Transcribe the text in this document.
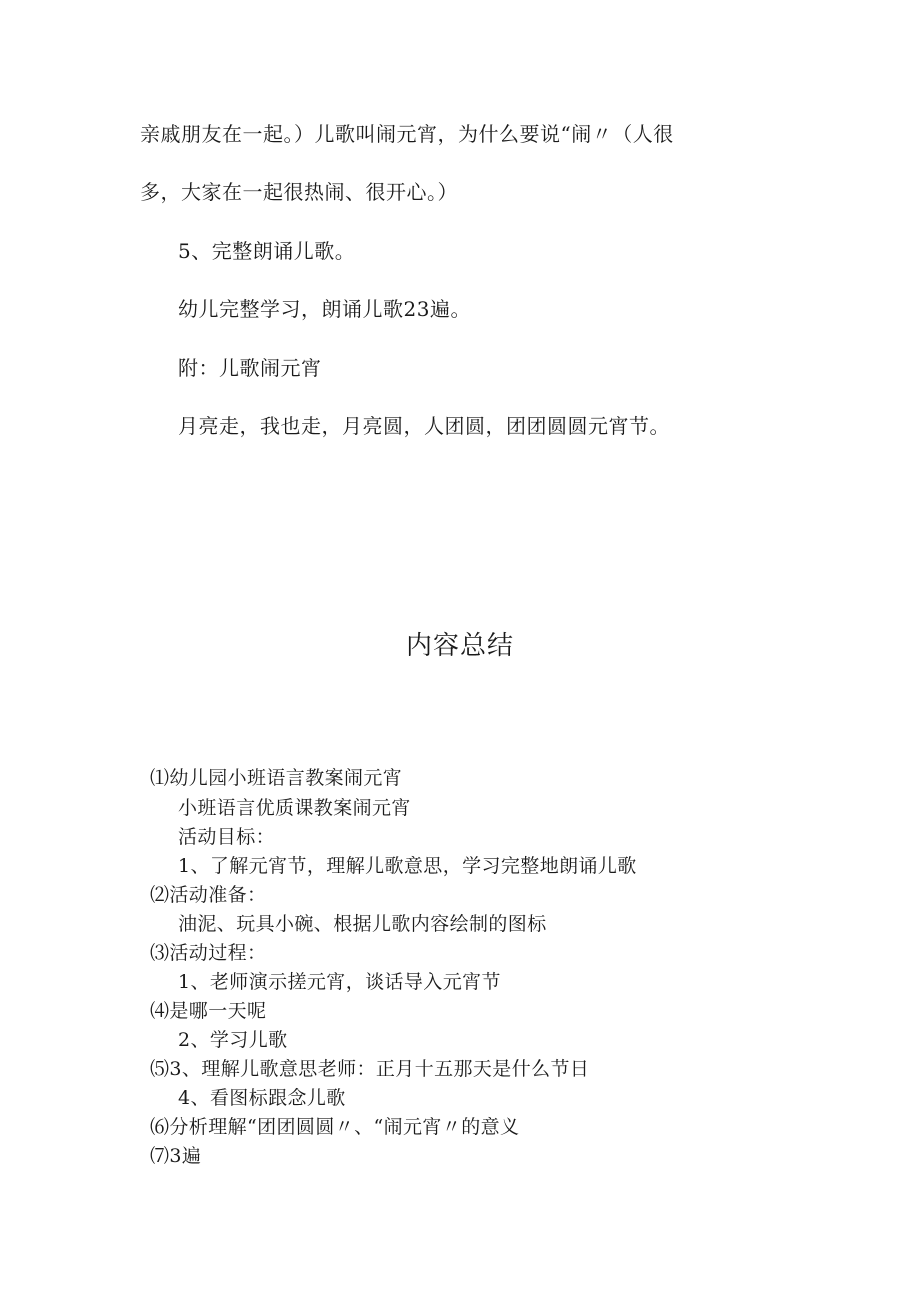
亲戚朋友在一起。）儿歌叫闹元宵，为什么要说“闹〃（人很
多，大家在一起很热闹、很开心。）
5、完整朗诵儿歌。
幼儿完整学习，朗诵儿歌23遍。
附：儿歌闹元宵
月亮走，我也走，月亮圆，人团圆，团团圆圆元宵节。
内容总结
⑴幼儿园小班语言教案闹元宵
小班语言优质课教案闹元宵
活动目标：
1、了解元宵节，理解儿歌意思，学习完整地朗诵儿歌
⑵活动准备：
油泥、玩具小碗、根据儿歌内容绘制的图标
⑶活动过程：
1、老师演示搓元宵，谈话导入元宵节
⑷是哪一天呢
2、学习儿歌
⑸3、理解儿歌意思老师：正月十五那天是什么节日
4、看图标跟念儿歌
⑹分析理解“团团圆圆〃、“闹元宵〃的意义
⑺3遍
